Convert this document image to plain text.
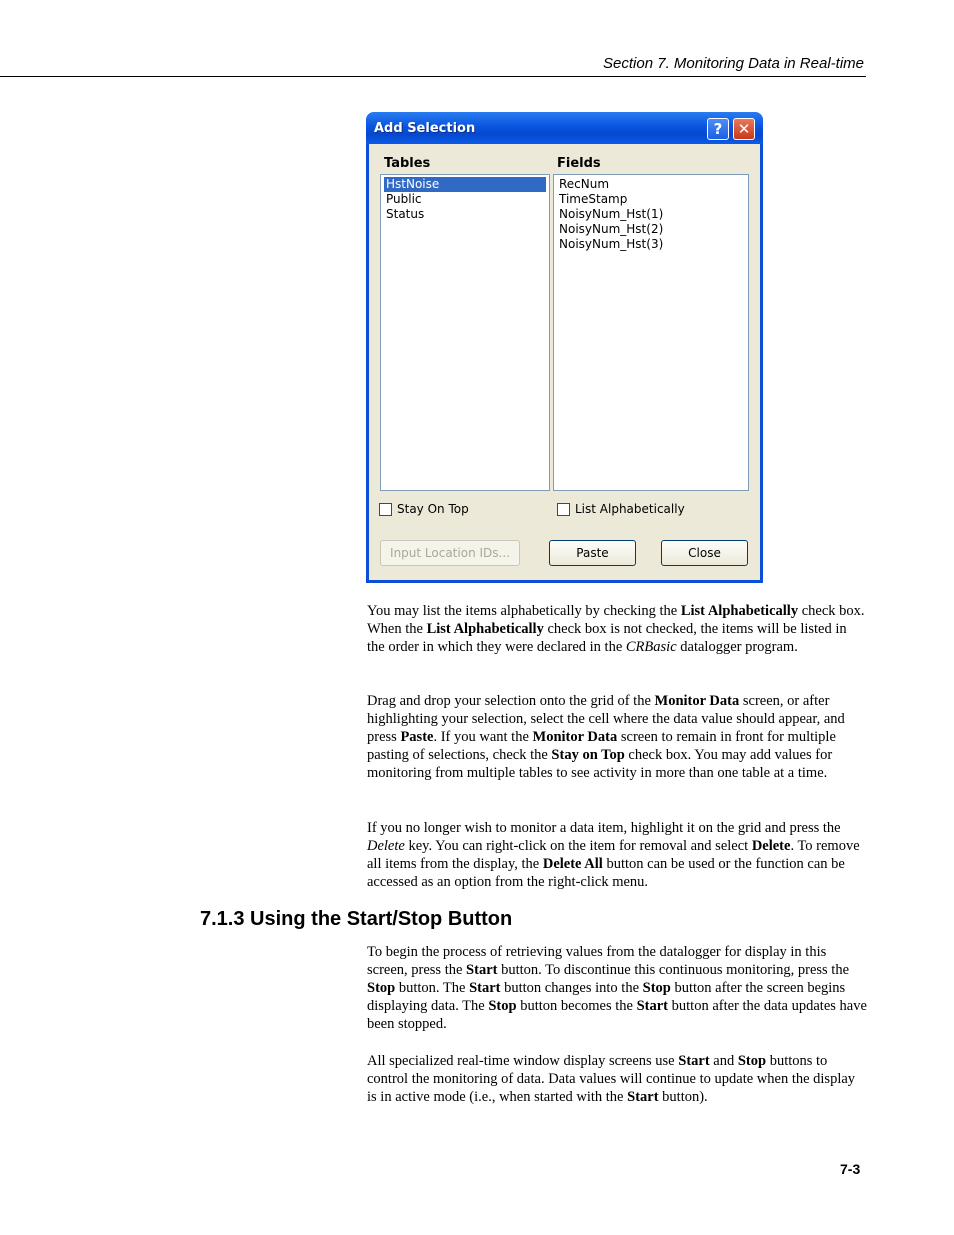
Section 7. Monitoring Data in Real-time
Add Selection	?	✕
Tables	Fields
HstNoise
Public
Status
RecNum
TimeStamp
NoisyNum_Hst(1)
NoisyNum_Hst(2)
NoisyNum_Hst(3)
Stay On Top	List Alphabetically
Input Location IDs...	Paste	Close

You may list the items alphabetically by checking the List Alphabetically check box. When the List Alphabetically check box is not checked, the items will be listed in the order in which they were declared in the CRBasic datalogger program.

Drag and drop your selection onto the grid of the Monitor Data screen, or after highlighting your selection, select the cell where the data value should appear, and press Paste. If you want the Monitor Data screen to remain in front for multiple pasting of selections, check the Stay on Top check box. You may add values for monitoring from multiple tables to see activity in more than one table at a time.

If you no longer wish to monitor a data item, highlight it on the grid and press the Delete key. You can right-click on the item for removal and select Delete. To remove all items from the display, the Delete All button can be used or the function can be accessed as an option from the right-click menu.

7.1.3 Using the Start/Stop Button

To begin the process of retrieving values from the datalogger for display in this screen, press the Start button. To discontinue this continuous monitoring, press the Stop button. The Start button changes into the Stop button after the screen begins displaying data. The Stop button becomes the Start button after the data updates have been stopped.

All specialized real-time window display screens use Start and Stop buttons to control the monitoring of data. Data values will continue to update when the display is in active mode (i.e., when started with the Start button).

7-3
